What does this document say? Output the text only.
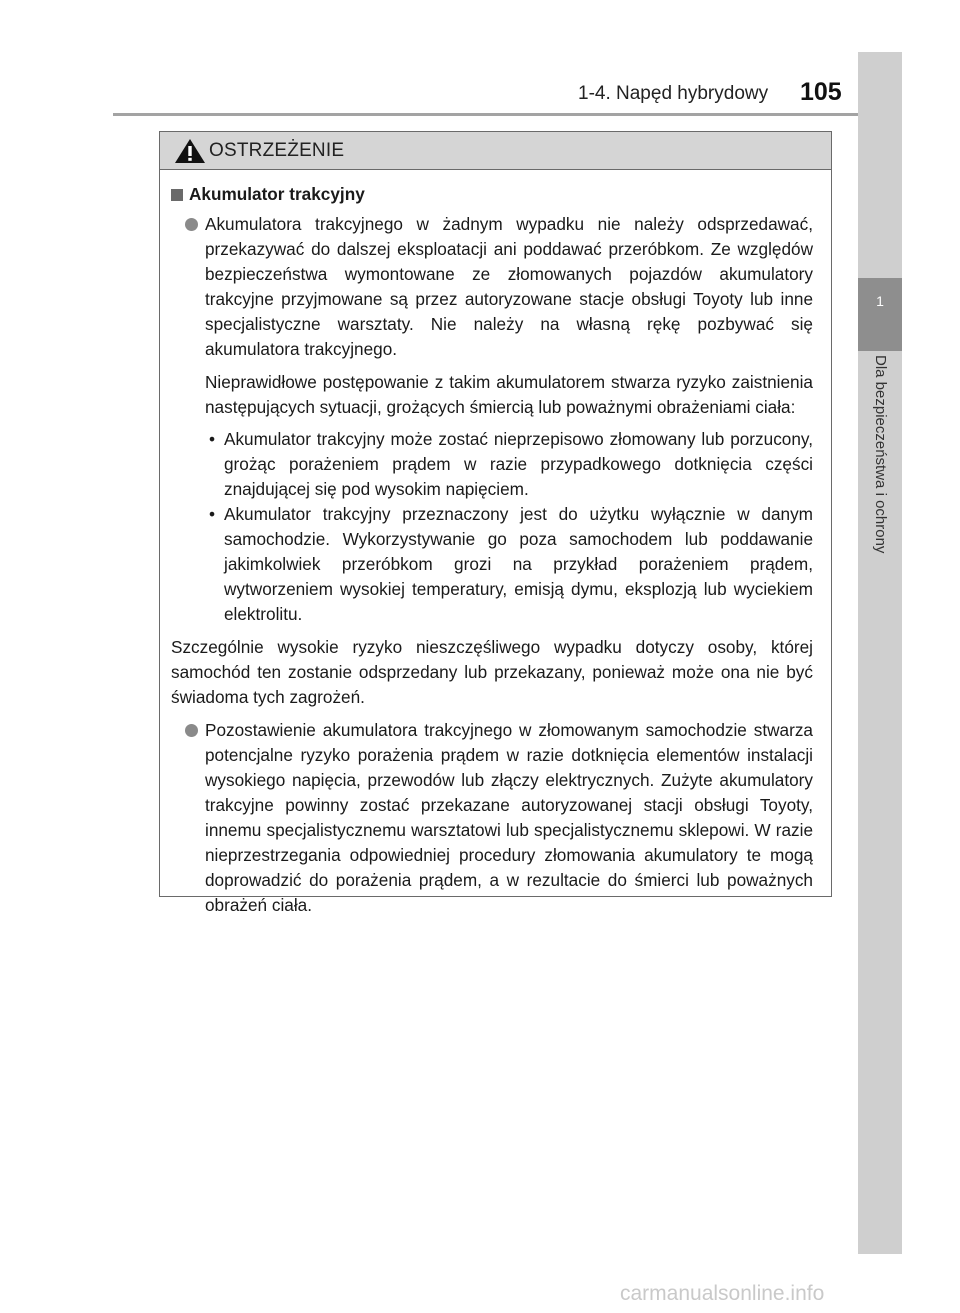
1-4. Napęd hybrydowy 105
1
Dla bezpieczeństwa i ochrony
OSTRZEŻENIE
Akumulator trakcyjny
Akumulatora trakcyjnego w żadnym wypadku nie należy odsprzedawać, przekazywać do dalszej eksploatacji ani poddawać przeróbkom. Ze względów bezpieczeństwa wymontowane ze złomowanych pojazdów akumulatory trakcyjne przyjmowane są przez autoryzowane stacje obsługi Toyoty lub inne specjalistyczne warsztaty. Nie należy na własną rękę pozbywać się akumulatora trakcyjnego.
Nieprawidłowe postępowanie z takim akumulatorem stwarza ryzyko zaistnienia następujących sytuacji, grożących śmiercią lub poważnymi obrażeniami ciała:
• Akumulator trakcyjny może zostać nieprzepisowo złomowany lub porzucony, grożąc porażeniem prądem w razie przypadkowego dotknięcia części znajdującej się pod wysokim napięciem.
• Akumulator trakcyjny przeznaczony jest do użytku wyłącznie w danym samochodzie. Wykorzystywanie go poza samochodem lub poddawanie jakimkolwiek przeróbkom grozi na przykład porażeniem prądem, wytworzeniem wysokiej temperatury, emisją dymu, eksplozją lub wyciekiem elektrolitu.
Szczególnie wysokie ryzyko nieszczęśliwego wypadku dotyczy osoby, której samochód ten zostanie odsprzedany lub przekazany, ponieważ może ona nie być świadoma tych zagrożeń.
Pozostawienie akumulatora trakcyjnego w złomowanym samochodzie stwarza potencjalne ryzyko porażenia prądem w razie dotknięcia elementów instalacji wysokiego napięcia, przewodów lub złączy elektrycznych. Zużyte akumulatory trakcyjne powinny zostać przekazane autoryzowanej stacji obsługi Toyoty, innemu specjalistycznemu warsztatowi lub specjalistycznemu sklepowi. W razie nieprzestrzegania odpowiedniej procedury złomowania akumulatory te mogą doprowadzić do porażenia prądem, a w rezultacie do śmierci lub poważnych obrażeń ciała.
carmanualsonline.info
